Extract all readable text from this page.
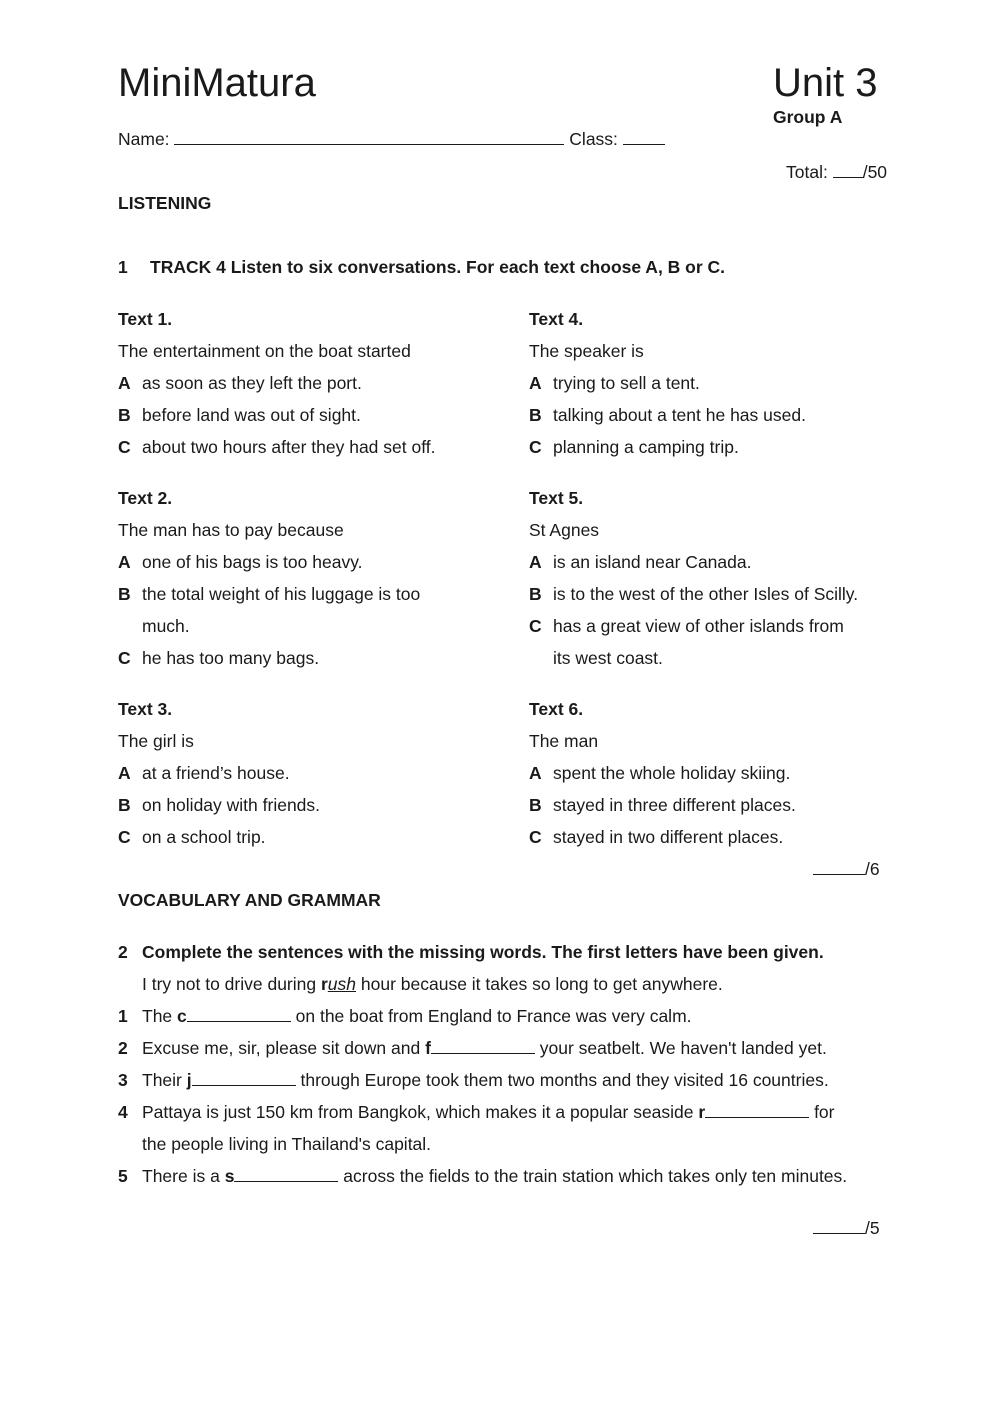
MiniMatura	Unit 3
Group A
Name:	Class:
Total: /50
LISTENING
1 TRACK 4 Listen to six conversations. For each text choose A, B or C.
Text 1.
The entertainment on the boat started
A as soon as they left the port.
B before land was out of sight.
C about two hours after they had set off.
Text 2.
The man has to pay because
A one of his bags is too heavy.
B the total weight of his luggage is too
much.
C he has too many bags.
Text 3.
The girl is
A at a friend’s house.
B on holiday with friends.
C on a school trip.
Text 4.
The speaker is
A trying to sell a tent.
B talking about a tent he has used.
C planning a camping trip.
Text 5.
St Agnes
A is an island near Canada.
B is to the west of the other Isles of Scilly.
C has a great view of other islands from
its west coast.
Text 6.
The man
A spent the whole holiday skiing.
B stayed in three different places.
C stayed in two different places.
/6
VOCABULARY AND GRAMMAR
2 Complete the sentences with the missing words. The first letters have been given.
I try not to drive during rush hour because it takes so long to get anywhere.
1 The c	on the boat from England to France was very calm.
2 Excuse me, sir, please sit down and f	your seatbelt. We haven't landed yet.
3 Their j	through Europe took them two months and they visited 16 countries.
4 Pattaya is just 150 km from Bangkok, which makes it a popular seaside r	for
the people living in Thailand's capital.
5 There is a s	across the fields to the train station which takes only ten minutes.
/5
